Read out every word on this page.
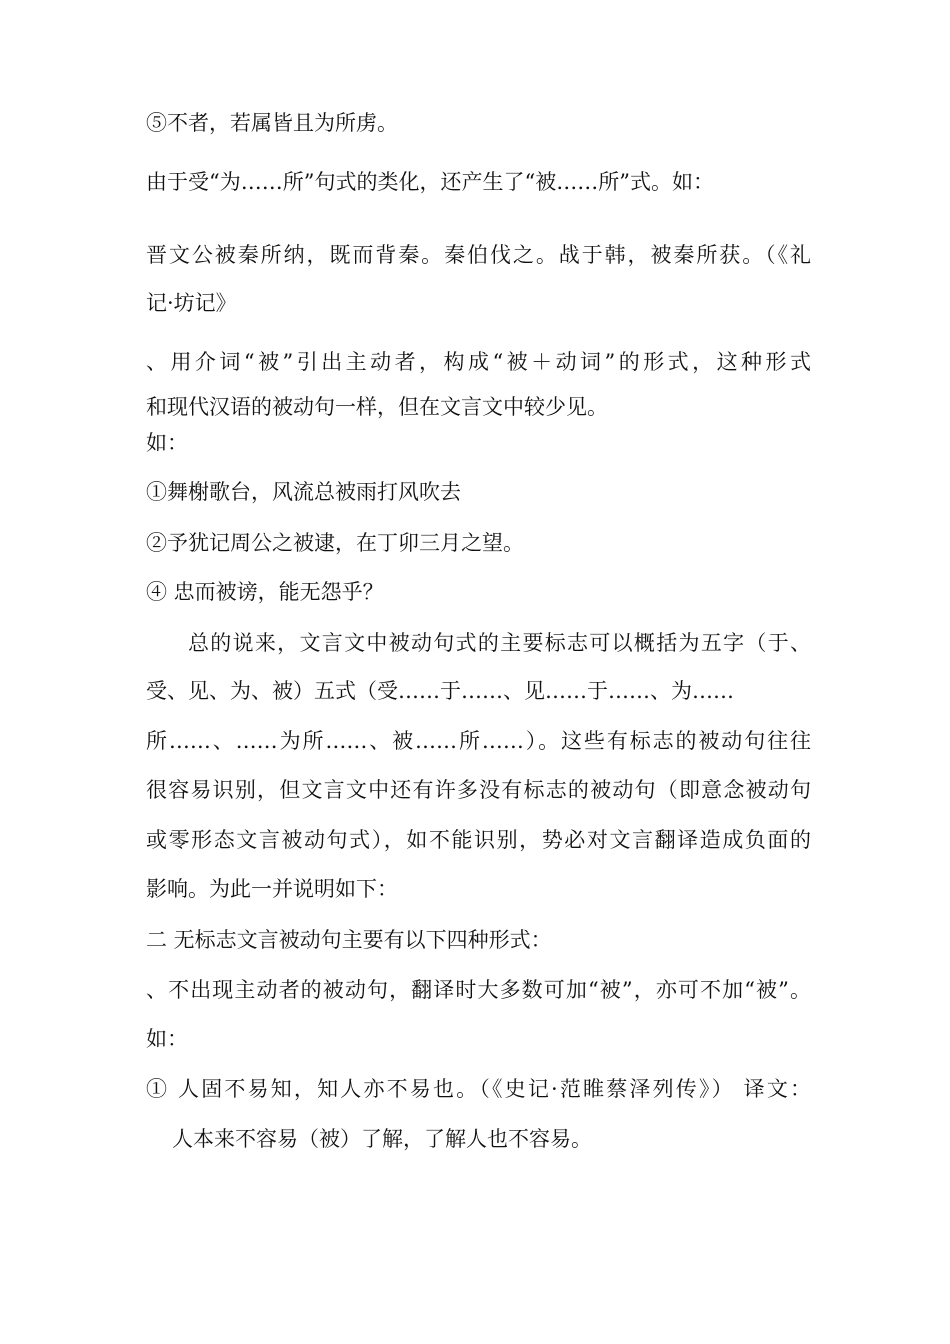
⑤不者，若属皆且为所虏。
由于受“为……所”句式的类化，还产生了“被……所”式。如：
晋文公被秦所纳，既而背秦。秦伯伐之。战于韩，被秦所获。（《礼
记·坊记》
、用介词“被”引出主动者，构成“被＋动词”的形式，这种形式
和现代汉语的被动句一样，但在文言文中较少见。
如：
①舞榭歌台，风流总被雨打风吹去
②予犹记周公之被逮，在丁卯三月之望。
④ 忠而被谤，能无怨乎？
总的说来，文言文中被动句式的主要标志可以概括为五字（于、
受、见、为、被）五式（受……于……、见……于……、为……
所……、……为所……、被……所……）。这些有标志的被动句往往
很容易识别，但文言文中还有许多没有标志的被动句（即意念被动句
或零形态文言被动句式），如不能识别，势必对文言翻译造成负面的
影响。为此一并说明如下：
二 无标志文言被动句主要有以下四种形式：
、不出现主动者的被动句，翻译时大多数可加“被”，亦可不加“被”。
如：
① 人固不易知，知人亦不易也。（《史记·范睢蔡泽列传》） 译文：
人本来不容易（被）了解，了解人也不容易。
